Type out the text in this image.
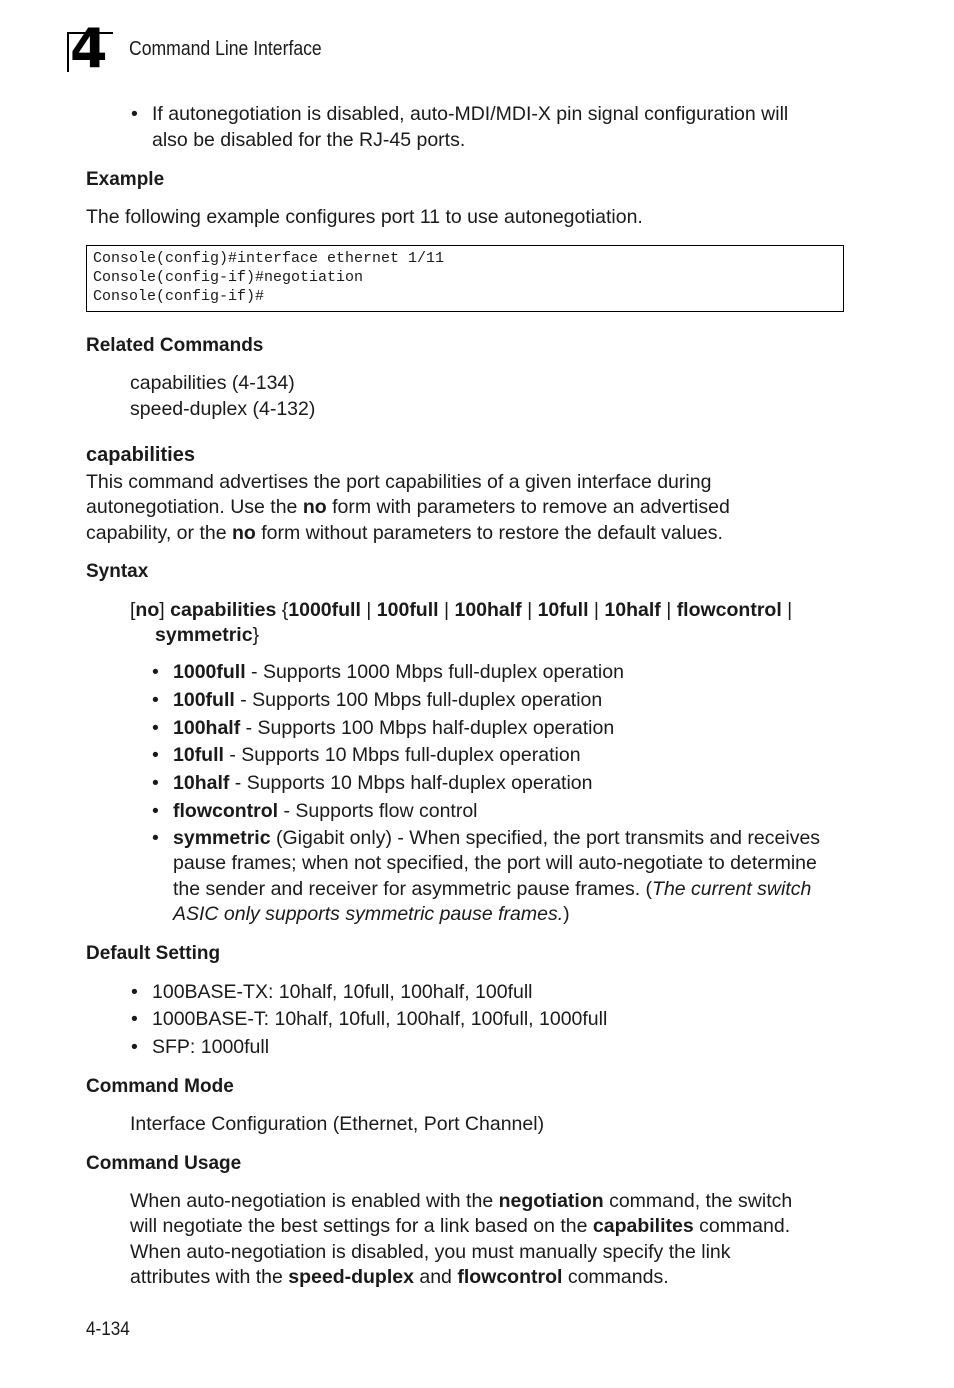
4 Command Line Interface
• If autonegotiation is disabled, auto-MDI/MDI-X pin signal configuration will

also be disabled for the RJ-45 ports.

Example

The following example configures port 11 to use autonegotiation.

Console(config)#interface ethernet 1/11
Console(config-if)#negotiation
Console(config-if)#

Related Commands

capabilities (4-134)

speed-duplex (4-132)

capabilities

This command advertises the port capabilities of a given interface during

autonegotiation. Use the no form with parameters to remove an advertised

capability, or the no form without parameters to restore the default values.

Syntax

[no] capabilities {1000full | 100full | 100half | 10full | 10half | flowcontrol |

symmetric}

• 1000full - Supports 1000 Mbps full-duplex operation

• 100full - Supports 100 Mbps full-duplex operation

• 100half - Supports 100 Mbps half-duplex operation

• 10full - Supports 10 Mbps full-duplex operation

• 10half - Supports 10 Mbps half-duplex operation

• flowcontrol - Supports flow control

• symmetric (Gigabit only) - When specified, the port transmits and receives

pause frames; when not specified, the port will auto-negotiate to determine

the sender and receiver for asymmetric pause frames. (The current switch

ASIC only supports symmetric pause frames.)

Default Setting

• 100BASE-TX: 10half, 10full, 100half, 100full

• 1000BASE-T: 10half, 10full, 100half, 100full, 1000full

• SFP: 1000full

Command Mode

Interface Configuration (Ethernet, Port Channel)

Command Usage

When auto-negotiation is enabled with the negotiation command, the switch

will negotiate the best settings for a link based on the capabilites command.

When auto-negotiation is disabled, you must manually specify the link

attributes with the speed-duplex and flowcontrol commands.

4-134
